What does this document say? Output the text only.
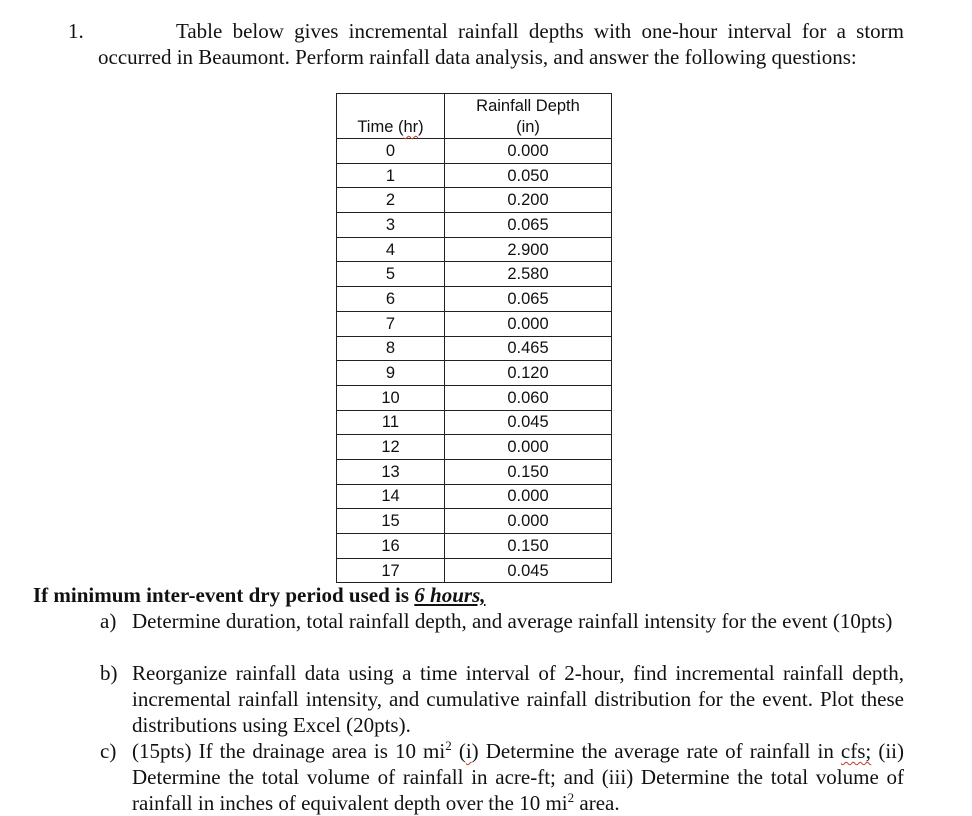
1.	Table below gives incremental rainfall depths with one-hour interval for a storm occurred in Beaumont. Perform rainfall data analysis, and answer the following questions:
Time (hr)	Rainfall Depth
(in)
0	0.000
1	0.050
2	0.200
3	0.065
4	2.900
5	2.580
6	0.065
7	0.000
8	0.465
9	0.120
10	0.060
11	0.045
12	0.000
13	0.150
14	0.000
15	0.000
16	0.150
17	0.045
If minimum inter-event dry period used is 6 hours,
a) Determine duration, total rainfall depth, and average rainfall intensity for the event (10pts)
b) Reorganize rainfall data using a time interval of 2-hour, find incremental rainfall depth, incremental rainfall intensity, and cumulative rainfall distribution for the event. Plot these distributions using Excel (20pts).
c) (15pts) If the drainage area is 10 $mi^2$ (i) Determine the average rate of rainfall in cfs; (ii) Determine the total volume of rainfall in acre-ft; and (iii) Determine the total volume of rainfall in inches of equivalent depth over the 10 $mi^2$ area.
